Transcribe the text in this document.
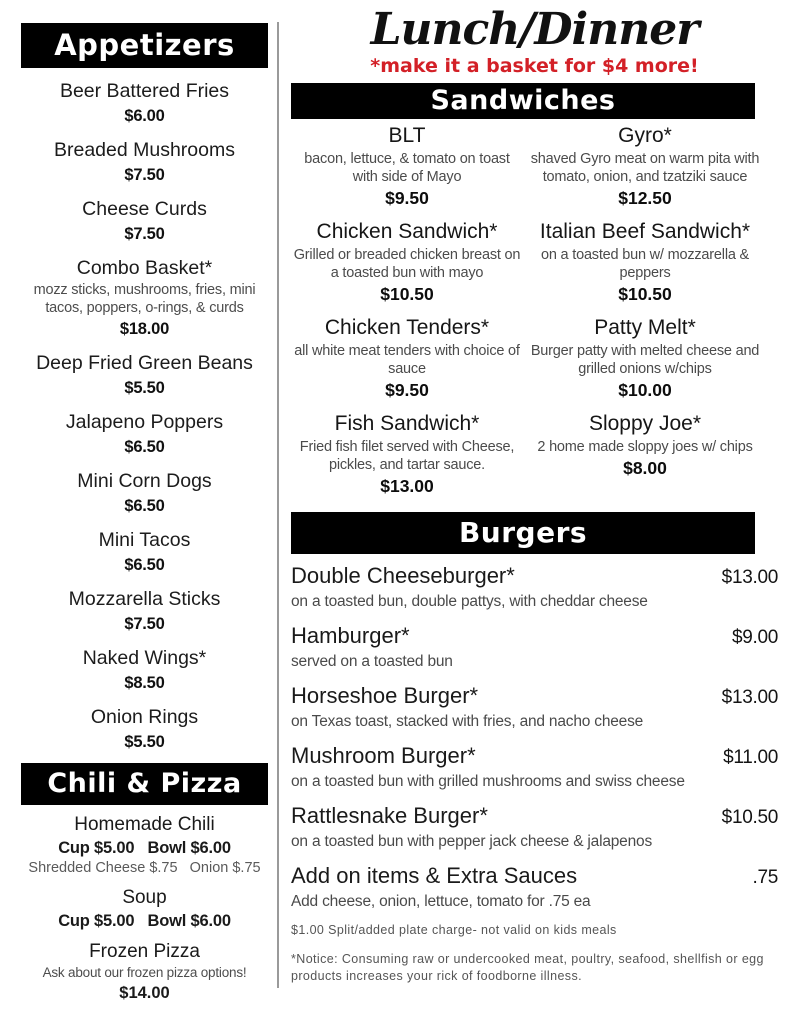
Appetizers
Beer Battered Fries
$6.00
Breaded Mushrooms
$7.50
Cheese Curds
$7.50
Combo Basket*
mozz sticks, mushrooms, fries, mini tacos, poppers, o-rings, & curds
$18.00
Deep Fried Green Beans
$5.50
Jalapeno Poppers
$6.50
Mini Corn Dogs
$6.50
Mini Tacos
$6.50
Mozzarella Sticks
$7.50
Naked Wings*
$8.50
Onion Rings
$5.50
Chili & Pizza
Homemade Chili
Cup $5.00   Bowl $6.00
Shredded Cheese $.75   Onion $.75
Soup
Cup $5.00   Bowl $6.00
Frozen Pizza
Ask about our frozen pizza options!
$14.00
Lunch/Dinner
*make it a basket for $4 more!
Sandwiches
BLT
bacon, lettuce, & tomato on toast with side of Mayo
$9.50
Chicken Sandwich*
Grilled or breaded chicken breast on a toasted bun with mayo
$10.50
Chicken Tenders*
all white meat tenders with choice of sauce
$9.50
Fish Sandwich*
Fried fish filet served with Cheese, pickles, and tartar sauce.
$13.00
Gyro*
shaved Gyro meat on warm pita with tomato, onion, and tzatziki sauce
$12.50
Italian Beef Sandwich*
on a toasted bun w/ mozzarella & peppers
$10.50
Patty Melt*
Burger patty with melted cheese and grilled onions w/chips
$10.00
Sloppy Joe*
2 home made sloppy joes w/ chips
$8.00
Burgers
Double Cheeseburger*	$13.00
on a toasted bun, double pattys, with cheddar cheese
Hamburger*	$9.00
served on a toasted bun
Horseshoe Burger*	$13.00
on Texas toast, stacked with fries, and nacho cheese
Mushroom Burger*	$11.00
on a toasted bun with grilled mushrooms and swiss cheese
Rattlesnake Burger*	$10.50
on a toasted bun with pepper jack cheese & jalapenos
Add on items & Extra Sauces	.75
Add cheese, onion, lettuce, tomato for .75 ea
$1.00 Split/added plate charge- not valid on kids meals
*Notice: Consuming raw or undercooked meat, poultry, seafood, shellfish or egg products increases your rick of foodborne illness.
